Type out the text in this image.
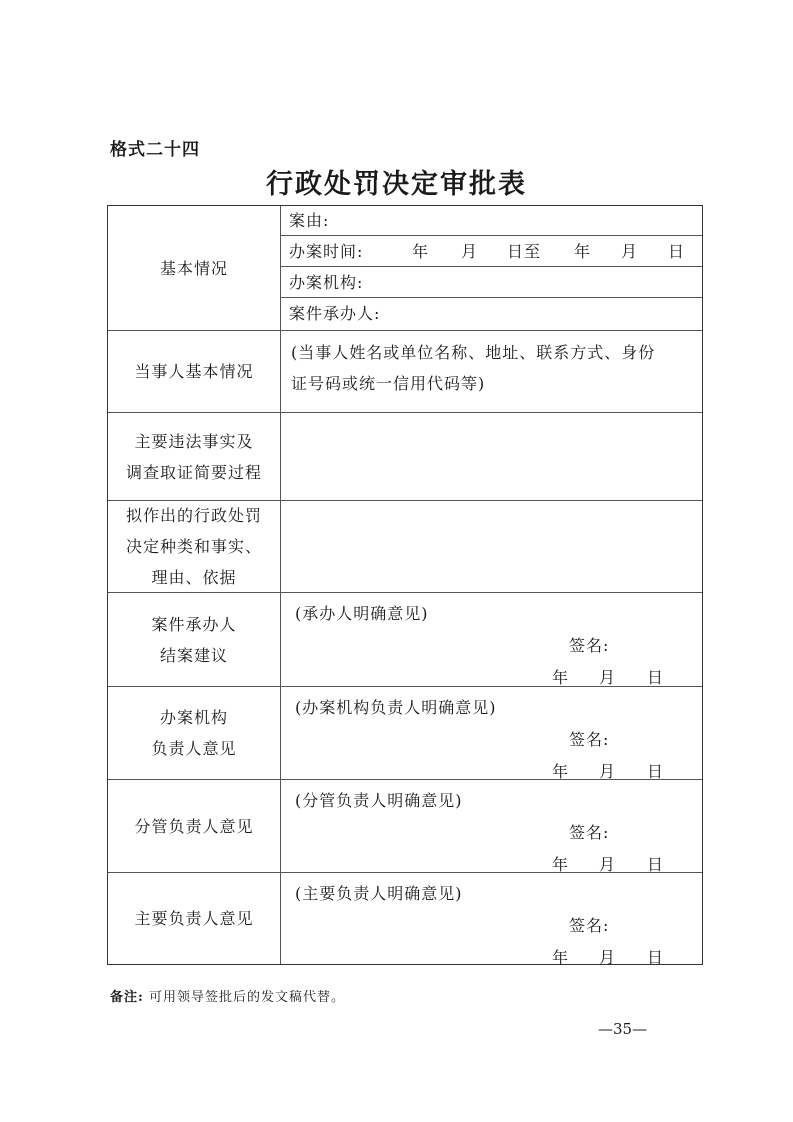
格式二十四
行政处罚决定审批表
基本情况
案由:
办案时间:	年 月 日至 年 月 日
办案机构:
案件承办人:
当事人基本情况
(当事人姓名或单位名称、地址、联系方式、身份
证号码或统一信用代码等)
主要违法事实及
调查取证简要过程
拟作出的行政处罚
决定种类和事实、
理由、依据
案件承办人
结案建议
(承办人明确意见)
签名:
年 月 日
办案机构
负责人意见
(办案机构负责人明确意见)
签名:
年 月 日
分管负责人意见
(分管负责人明确意见)
签名:
年 月 日
主要负责人意见
(主要负责人明确意见)
签名:
年 月 日
备注: 可用领导签批后的发文稿代替。
—35—
